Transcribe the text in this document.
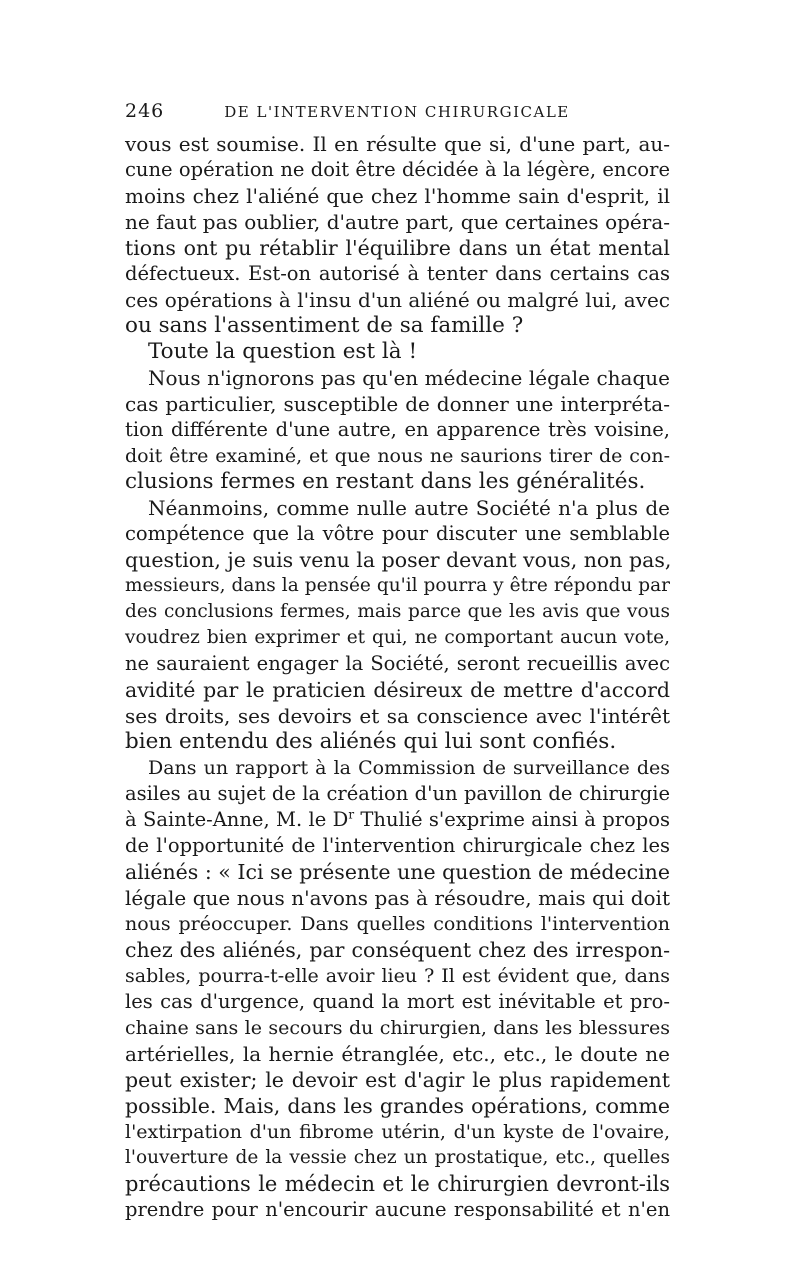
246	DE L'INTERVENTION CHIRURGICALE
vous est soumise. Il en résulte que si, d'une part, au-
cune opération ne doit être décidée à la légère, encore
moins chez l'aliéné que chez l'homme sain d'esprit, il
ne faut pas oublier, d'autre part, que certaines opéra-
tions ont pu rétablir l'équilibre dans un état mental
défectueux. Est-on autorisé à tenter dans certains cas
ces opérations à l'insu d'un aliéné ou malgré lui, avec
ou sans l'assentiment de sa famille ?
Toute la question est là !
Nous n'ignorons pas qu'en médecine légale chaque
cas particulier, susceptible de donner une interpréta-
tion différente d'une autre, en apparence très voisine,
doit être examiné, et que nous ne saurions tirer de con-
clusions fermes en restant dans les généralités.
Néanmoins, comme nulle autre Société n'a plus de
compétence que la vôtre pour discuter une semblable
question, je suis venu la poser devant vous, non pas,
messieurs, dans la pensée qu'il pourra y être répondu par
des conclusions fermes, mais parce que les avis que vous
voudrez bien exprimer et qui, ne comportant aucun vote,
ne sauraient engager la Société, seront recueillis avec
avidité par le praticien désireux de mettre d'accord
ses droits, ses devoirs et sa conscience avec l'intérêt
bien entendu des aliénés qui lui sont confiés.
Dans un rapport à la Commission de surveillance des
asiles au sujet de la création d'un pavillon de chirurgie
à Sainte-Anne, M. le $D^r$ Thulié s'exprime ainsi à propos
de l'opportunité de l'intervention chirurgicale chez les
aliénés : « Ici se présente une question de médecine
légale que nous n'avons pas à résoudre, mais qui doit
nous préoccuper. Dans quelles conditions l'intervention
chez des aliénés, par conséquent chez des irrespon-
sables, pourra-t-elle avoir lieu ? Il est évident que, dans
les cas d'urgence, quand la mort est inévitable et pro-
chaine sans le secours du chirurgien, dans les blessures
artérielles, la hernie étranglée, etc., etc., le doute ne
peut exister; le devoir est d'agir le plus rapidement
possible. Mais, dans les grandes opérations, comme
l'extirpation d'un fibrome utérin, d'un kyste de l'ovaire,
l'ouverture de la vessie chez un prostatique, etc., quelles
précautions le médecin et le chirurgien devront-ils
prendre pour n'encourir aucune responsabilité et n'en
